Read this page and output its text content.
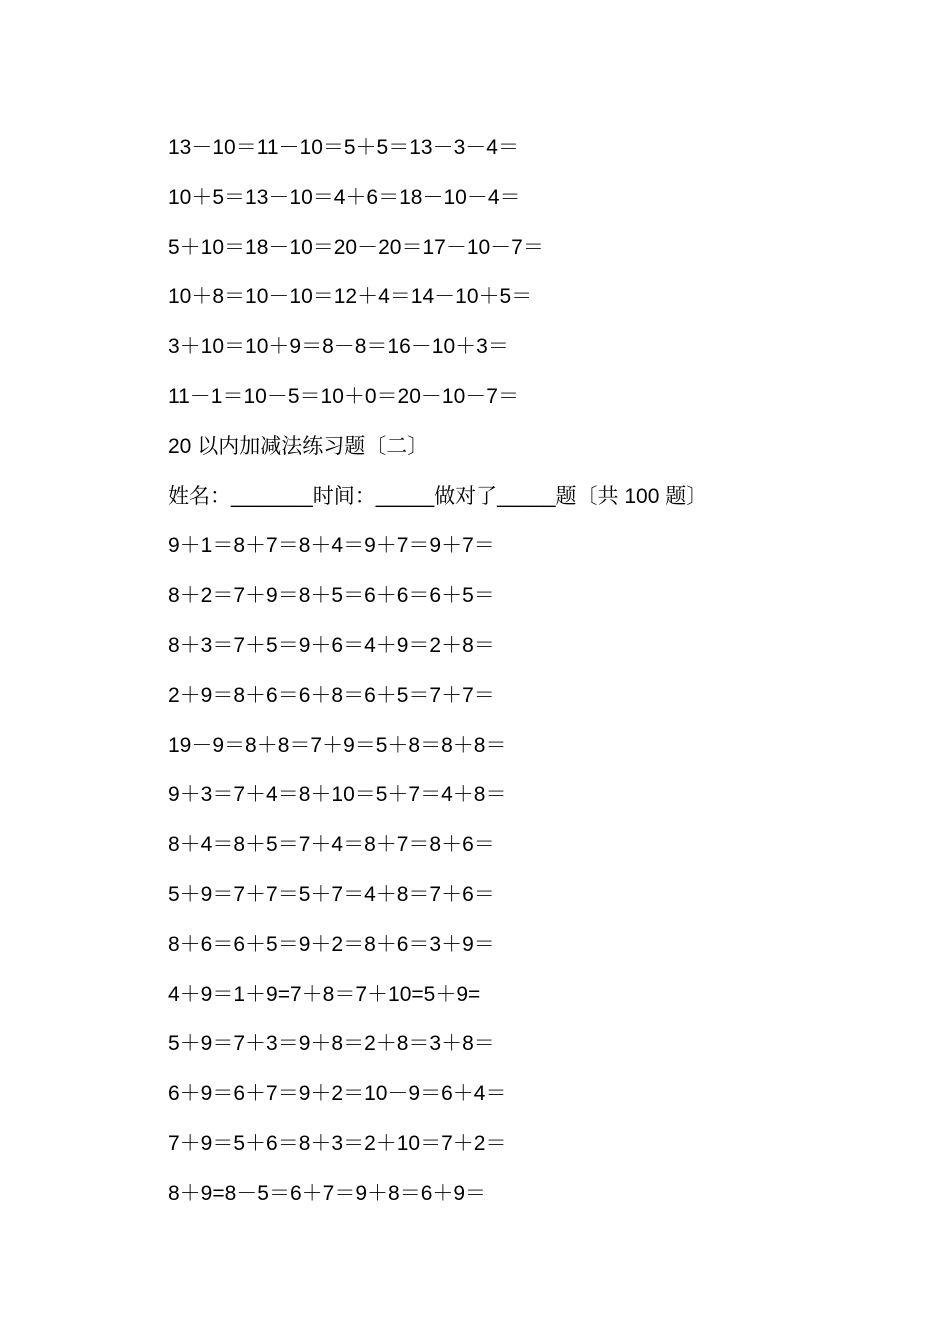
13－10＝11－10＝5＋5＝13－3－4＝
10＋5＝13－10＝4＋6＝18－10－4＝
5＋10＝18－10＝20－20＝17－10－7＝
10＋8＝10－10＝12＋4＝14－10＋5＝
3＋10＝10＋9＝8－8＝16－10＋3＝
11－1＝10－5＝10＋0＝20－10－7＝
20 以内加减法练习题〔二〕
姓名：_______时间：_____做对了_____题〔共 100 题〕
9＋1＝8＋7＝8＋4＝9＋7＝9＋7＝
8＋2＝7＋9＝8＋5＝6＋6＝6＋5＝
8＋3＝7＋5＝9＋6＝4＋9＝2＋8＝
2＋9＝8＋6＝6＋8＝6＋5＝7＋7＝
19－9＝8＋8＝7＋9＝5＋8＝8＋8＝
9＋3＝7＋4＝8＋10＝5＋7＝4＋8＝
8＋4＝8＋5＝7＋4＝8＋7＝8＋6＝
5＋9＝7＋7＝5＋7＝4＋8＝7＋6＝
8＋6＝6＋5＝9＋2＝8＋6＝3＋9＝
4＋9＝1＋9=7＋8＝7＋10=5＋9=
5＋9＝7＋3＝9＋8＝2＋8＝3＋8＝
6＋9＝6＋7＝9＋2＝10－9＝6＋4＝
7＋9＝5＋6＝8＋3＝2＋10＝7＋2＝
8＋9=8－5＝6＋7＝9＋8＝6＋9＝
